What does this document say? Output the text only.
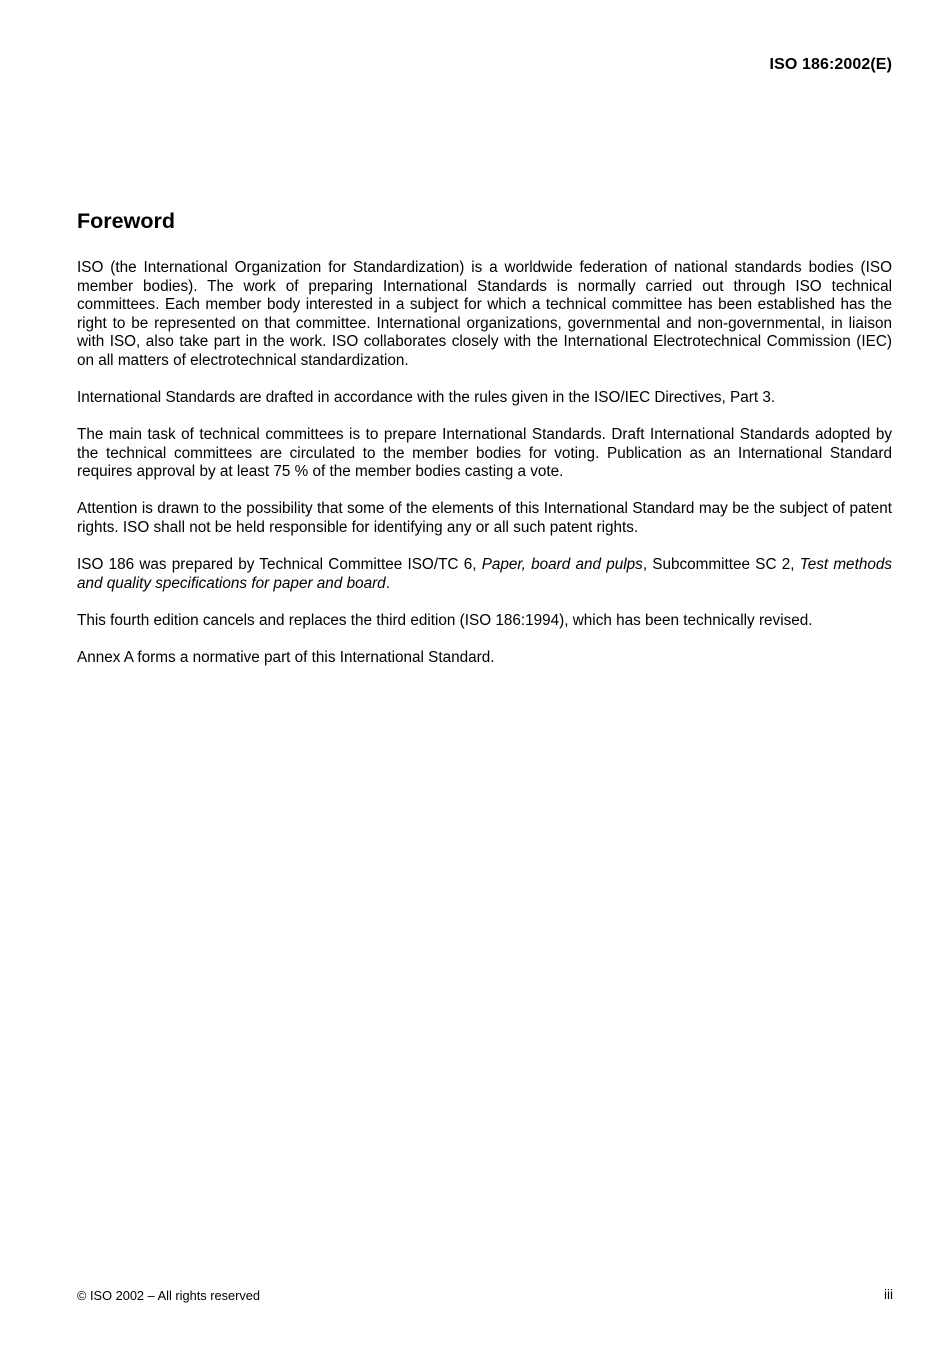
ISO 186:2002(E)
Foreword

ISO (the International Organization for Standardization) is a worldwide federation of national standards bodies (ISO member bodies). The work of preparing International Standards is normally carried out through ISO technical committees. Each member body interested in a subject for which a technical committee has been established has the right to be represented on that committee. International organizations, governmental and non-governmental, in liaison with ISO, also take part in the work. ISO collaborates closely with the International Electrotechnical Commission (IEC) on all matters of electrotechnical standardization.

International Standards are drafted in accordance with the rules given in the ISO/IEC Directives, Part 3.

The main task of technical committees is to prepare International Standards. Draft International Standards adopted by the technical committees are circulated to the member bodies for voting. Publication as an International Standard requires approval by at least 75 % of the member bodies casting a vote.

Attention is drawn to the possibility that some of the elements of this International Standard may be the subject of patent rights. ISO shall not be held responsible for identifying any or all such patent rights.

ISO 186 was prepared by Technical Committee ISO/TC 6, Paper, board and pulps, Subcommittee SC 2, Test methods and quality specifications for paper and board.

This fourth edition cancels and replaces the third edition (ISO 186:1994), which has been technically revised.

Annex A forms a normative part of this International Standard.

© ISO 2002 – All rights reserved	iii
